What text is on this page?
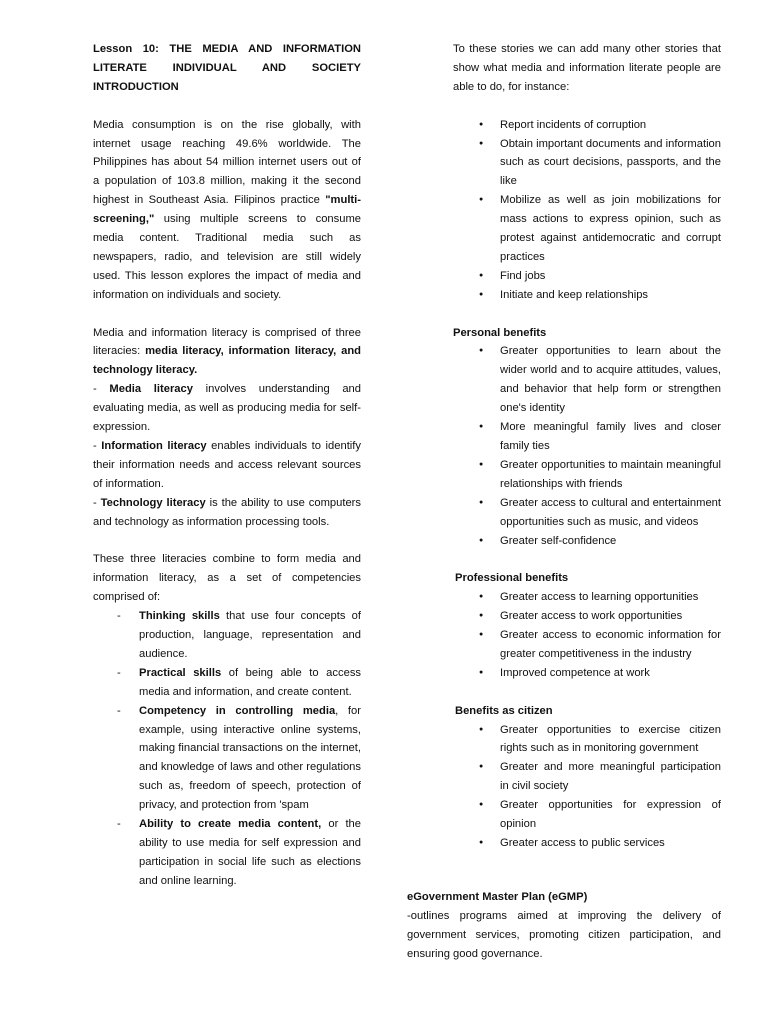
Lesson 10: THE MEDIA AND INFORMATION LITERATE INDIVIDUAL AND SOCIETY INTRODUCTION

Media consumption is on the rise globally, with internet usage reaching 49.6% worldwide. The Philippines has about 54 million internet users out of a population of 103.8 million, making it the second highest in Southeast Asia. Filipinos practice "multi-screening," using multiple screens to consume media content. Traditional media such as newspapers, radio, and television are still widely used. This lesson explores the impact of media and information on individuals and society.

Media and information literacy is comprised of three literacies: media literacy, information literacy, and technology literacy.

- Media literacy involves understanding and evaluating media, as well as producing media for self-expression.

- Information literacy enables individuals to identify their information needs and access relevant sources of information.

- Technology literacy is the ability to use computers and technology as information processing tools.

These three literacies combine to form media and information literacy, as a set of competencies comprised of:

- Thinking skills that use four concepts of production, language, representation and audience.
- Practical skills of being able to access media and information, and create content.
- Competency in controlling media, for example, using interactive online systems, making financial transactions on the internet, and knowledge of laws and other regulations such as, freedom of speech, protection of privacy, and protection from 'spam
- Ability to create media content, or the ability to use media for self expression and participation in social life such as elections and online learning.

To these stories we can add many other stories that show what media and information literate people are able to do, for instance:

● Report incidents of corruption
● Obtain important documents and information such as court decisions, passports, and the like
● Mobilize as well as join mobilizations for mass actions to express opinion, such as protest against antidemocratic and corrupt practices
● Find jobs
● Initiate and keep relationships

Personal benefits

● Greater opportunities to learn about the wider world and to acquire attitudes, values, and behavior that help form or strengthen one's identity
● More meaningful family lives and closer family ties
● Greater opportunities to maintain meaningful relationships with friends
● Greater access to cultural and entertainment opportunities such as music, and videos
● Greater self-confidence

Professional benefits

● Greater access to learning opportunities
● Greater access to work opportunities
● Greater access to economic information for greater competitiveness in the industry
● Improved competence at work

Benefits as citizen

● Greater opportunities to exercise citizen rights such as in monitoring government
● Greater and more meaningful participation in civil society
● Greater opportunities for expression of opinion
● Greater access to public services

eGovernment Master Plan (eGMP)

-outlines programs aimed at improving the delivery of government services, promoting citizen participation, and ensuring good governance.
